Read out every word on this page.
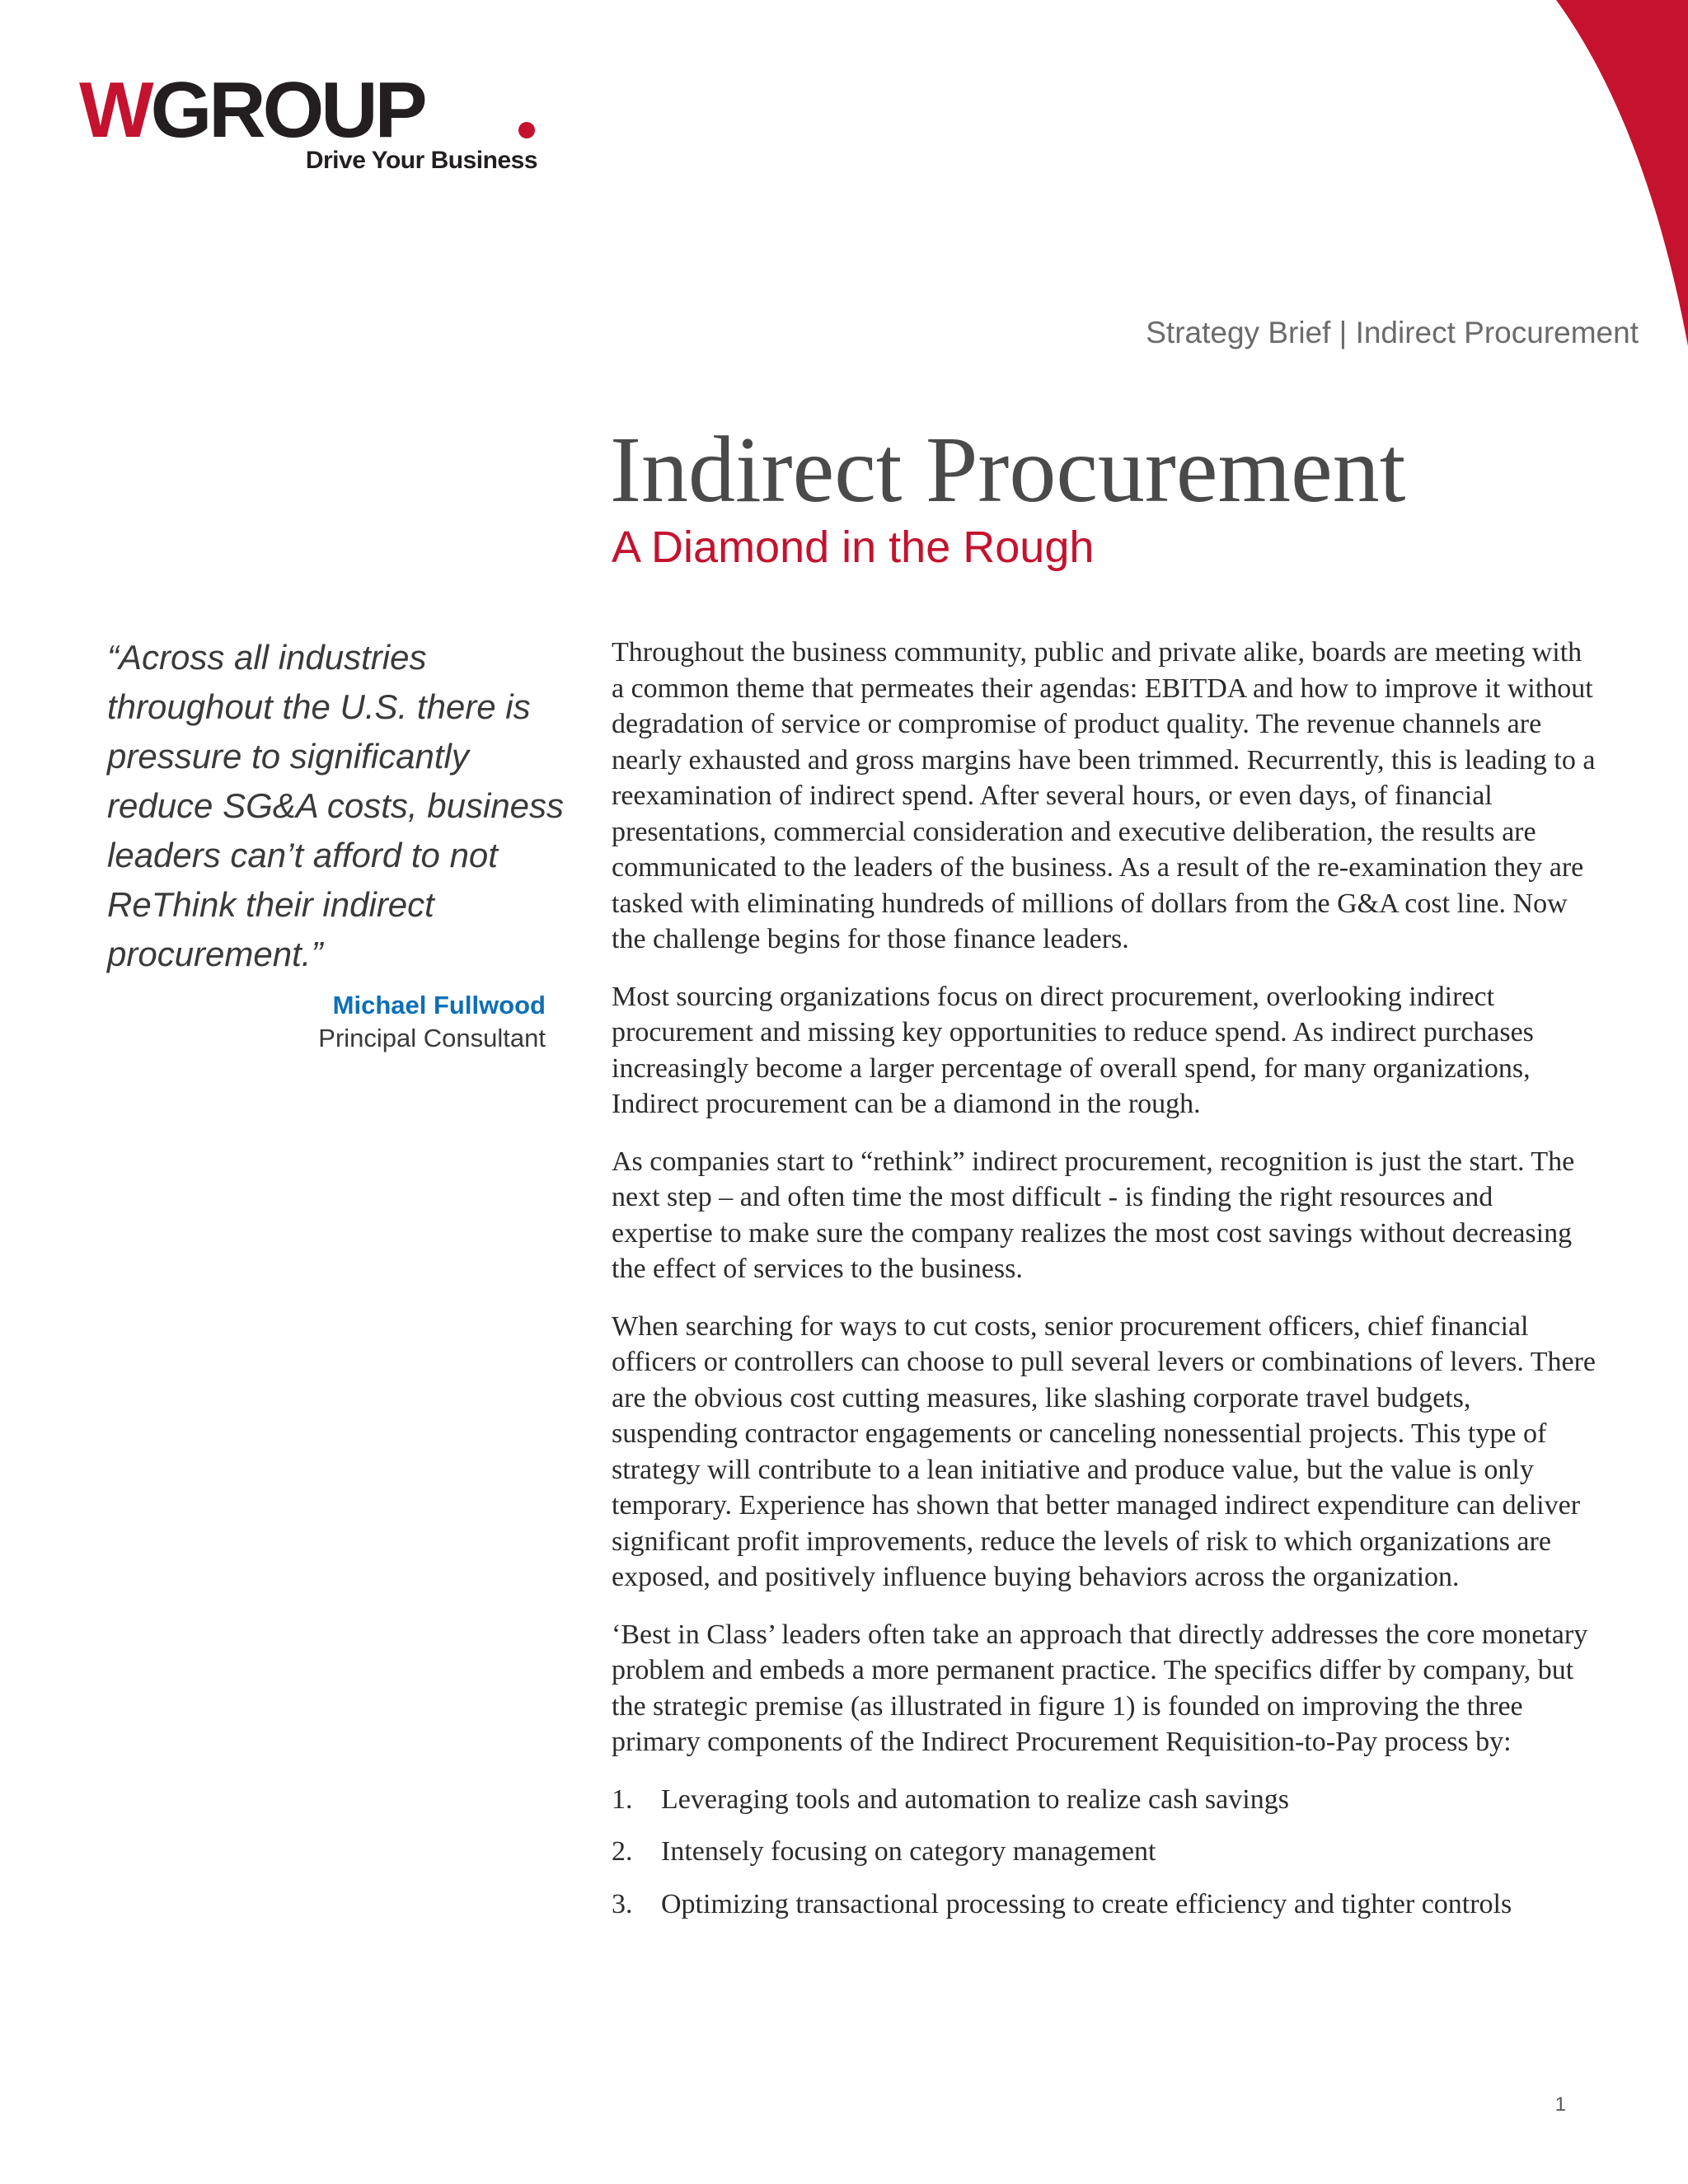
WGROUP
Drive Your Business
Strategy Brief | Indirect Procurement
Indirect Procurement
A Diamond in the Rough

“Across all industries throughout the U.S. there is pressure to significantly reduce SG&A costs, business leaders can’t afford to not ReThink their indirect procurement.”

Michael Fullwood
Principal Consultant

Throughout the business community, public and private alike, boards are meeting with a common theme that permeates their agendas: EBITDA and how to improve it without degradation of service or compromise of product quality. The revenue channels are nearly exhausted and gross margins have been trimmed. Recurrently, this is leading to a reexamination of indirect spend. After several hours, or even days, of financial presentations, commercial consideration and executive deliberation, the results are communicated to the leaders of the business. As a result of the re-examination they are tasked with eliminating hundreds of millions of dollars from the G&A cost line. Now the challenge begins for those finance leaders.

Most sourcing organizations focus on direct procurement, overlooking indirect procurement and missing key opportunities to reduce spend. As indirect purchases increasingly become a larger percentage of overall spend, for many organizations, Indirect procurement can be a diamond in the rough.

As companies start to “rethink” indirect procurement, recognition is just the start. The next step – and often time the most difficult - is finding the right resources and expertise to make sure the company realizes the most cost savings without decreasing the effect of services to the business.

When searching for ways to cut costs, senior procurement officers, chief financial officers or controllers can choose to pull several levers or combinations of levers. There are the obvious cost cutting measures, like slashing corporate travel budgets, suspending contractor engagements or canceling nonessential projects. This type of strategy will contribute to a lean initiative and produce value, but the value is only temporary. Experience has shown that better managed indirect expenditure can deliver significant profit improvements, reduce the levels of risk to which organizations are exposed, and positively influence buying behaviors across the organization.

‘Best in Class’ leaders often take an approach that directly addresses the core monetary problem and embeds a more permanent practice. The specifics differ by company, but the strategic premise (as illustrated in figure 1) is founded on improving the three primary components of the Indirect Procurement Requisition-to-Pay process by:

1.	Leveraging tools and automation to realize cash savings
2.	Intensely focusing on category management
3.	Optimizing transactional processing to create efficiency and tighter controls
1
